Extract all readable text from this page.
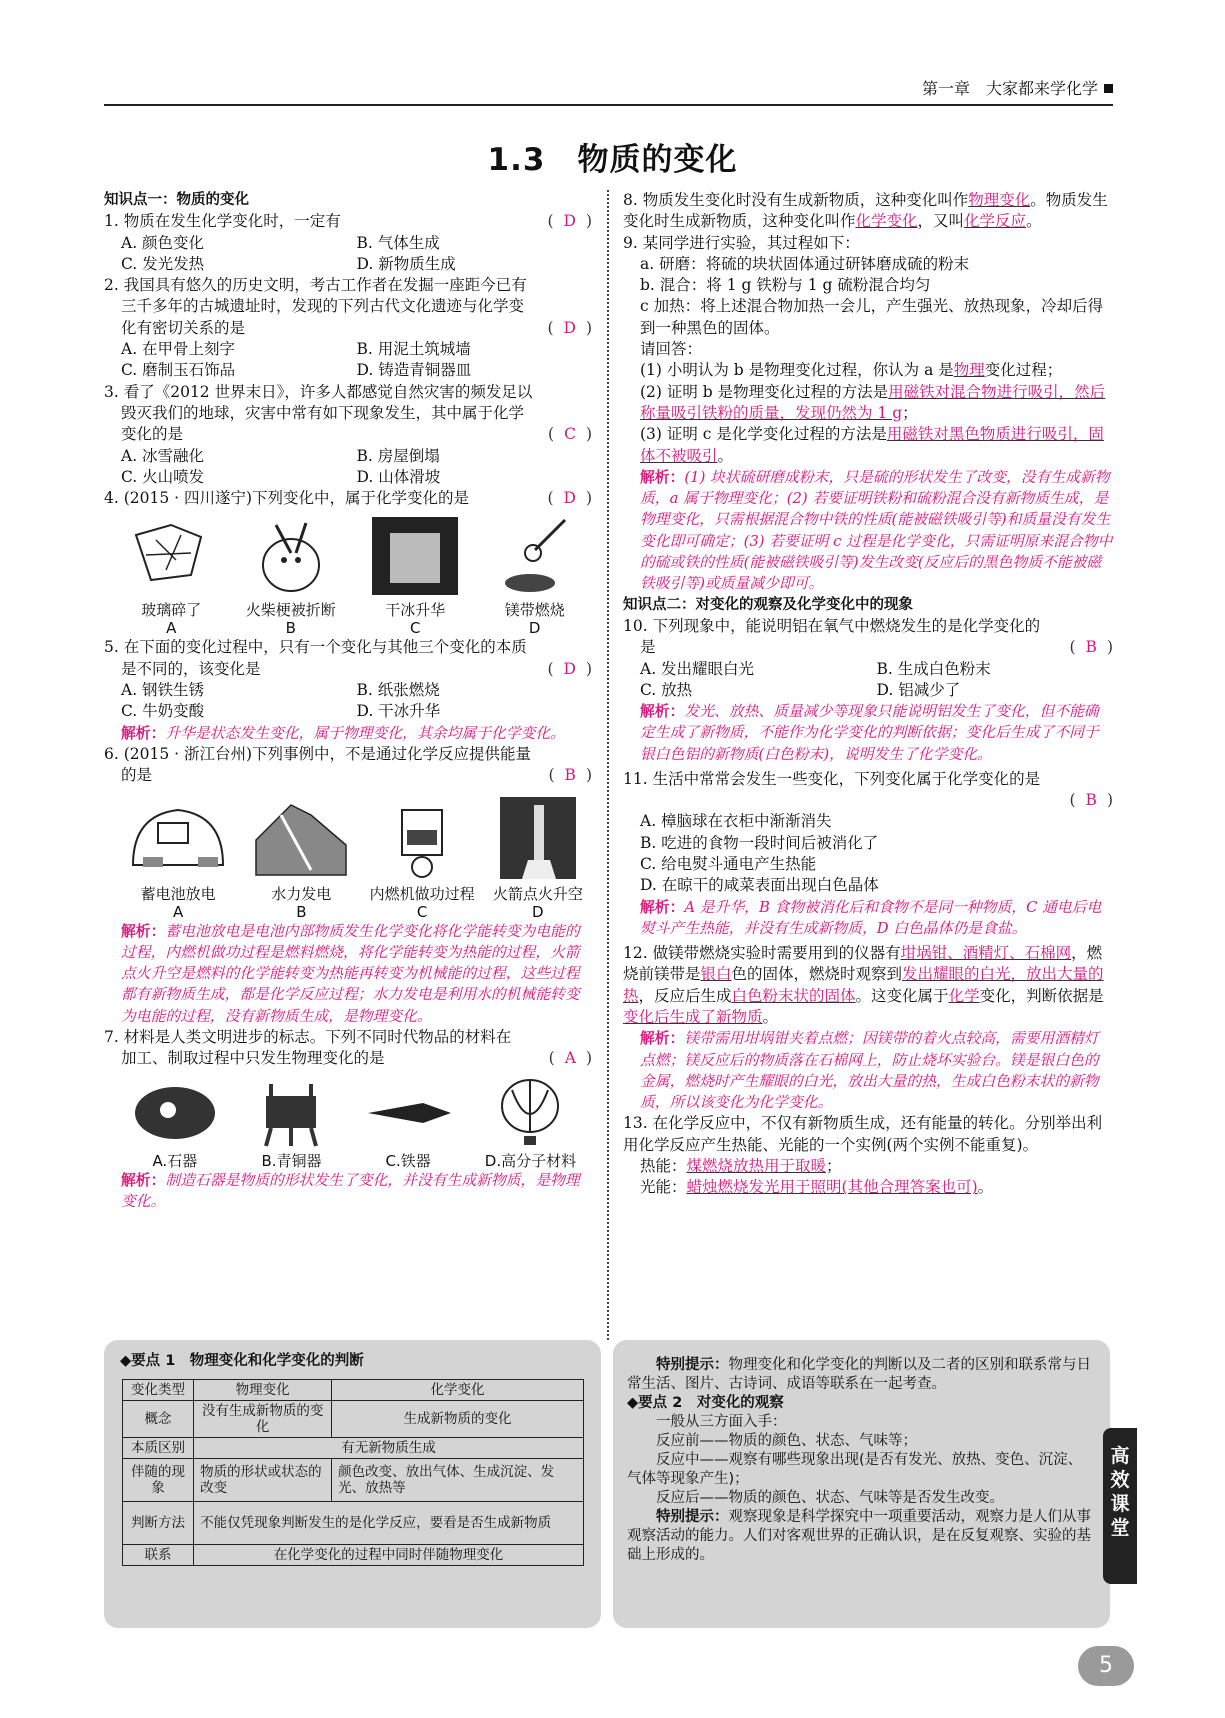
第一章　大家都来学化学
1.3　物质的变化

知识点一：物质的变化

( D )
1. 物质在发生化学变化时，一定有

A. 颜色变化	B. 气体生成
C. 发光发热	D. 新物质生成

2. 我国具有悠久的历史文明，考古工作者在发掘一座距今已有

三千多年的古城遗址时，发现的下列古代文化遗迹与化学变

( D )
化有密切关系的是

A. 在甲骨上刻字	B. 用泥土筑城墙
C. 磨制玉石饰品	D. 铸造青铜器皿

3. 看了《2012 世界末日》，许多人都感觉自然灾害的频发足以

毁灭我们的地球，灾害中常有如下现象发生，其中属于化学

( C )
变化的是

A. 冰雪融化	B. 房屋倒塌
C. 火山喷发	D. 山体滑坡

( D )
4. (2015 · 四川遂宁)下列变化中，属于化学变化的是

玻璃碎了
A
火柴梗被折断
B
干冰升华
C
镁带燃烧
D

5. 在下面的变化过程中，只有一个变化与其他三个变化的本质

( D )
是不同的，该变化是

A. 钢铁生锈	B. 纸张燃烧
C. 牛奶变酸	D. 干冰升华

解析：升华是状态发生变化，属于物理变化，其余均属于化学变化。

6. (2015 · 浙江台州)下列事例中，不是通过化学反应提供能量

( B )
的是

蓄电池放电
A
水力发电
B
内燃机做功过程
C
火箭点火升空
D

解析：蓄电池放电是电池内部物质发生化学变化将化学能转变为电能的过程，内燃机做功过程是燃料燃烧，将化学能转变为热能的过程，火箭点火升空是燃料的化学能转变为热能再转变为机械能的过程，这些过程都有新物质生成，都是化学反应过程；水力发电是利用水的机械能转变为电能的过程，没有新物质生成，是物理变化。

7. 材料是人类文明进步的标志。下列不同时代物品的材料在

( A )
加工、制取过程中只发生物理变化的是

A.石器	B.青铜器	C.铁器	D.高分子材料

解析：制造石器是物质的形状发生了变化，并没有生成新物质，是物理变化。

8. 物质发生变化时没有生成新物质，这种变化叫作物理变化。物质发生变化时生成新物质，这种变化叫作化学变化，又叫化学反应。

9. 某同学进行实验，其过程如下：

a. 研磨：将硫的块状固体通过研钵磨成硫的粉末

b. 混合：将 1 g 铁粉与 1 g 硫粉混合均匀

c 加热：将上述混合物加热一会儿，产生强光、放热现象，冷却后得到一种黑色的固体。

请回答：

(1) 小明认为 b 是物理变化过程，你认为 a 是物理变化过程；

(2) 证明 b 是物理变化过程的方法是用磁铁对混合物进行吸引，然后称量吸引铁粉的质量，发现仍然为 1 g；

(3) 证明 c 是化学变化过程的方法是用磁铁对黑色物质进行吸引，固体不被吸引。

解析：(1) 块状硫研磨成粉末，只是硫的形状发生了改变，没有生成新物质，a 属于物理变化；(2) 若要证明铁粉和硫粉混合没有新物质生成，是物理变化，只需根据混合物中铁的性质(能被磁铁吸引等)和质量没有发生变化即可确定；(3) 若要证明 c 过程是化学变化，只需证明原来混合物中的硫或铁的性质(能被磁铁吸引等)发生改变(反应后的黑色物质不能被磁铁吸引等)或质量减少即可。

知识点二：对变化的观察及化学变化中的现象

10. 下列现象中，能说明铝在氧气中燃烧发生的是化学变化的

( B )
是

A. 发出耀眼白光	B. 生成白色粉末
C. 放热	D. 铝减少了

解析：发光、放热、质量减少等现象只能说明铝发生了变化，但不能确定生成了新物质，不能作为化学变化的判断依据；变化后生成了不同于银白色铝的新物质(白色粉末)，说明发生了化学变化。

11. 生活中常常会发生一些变化，下列变化属于化学变化的是

( B )

A. 樟脑球在衣柜中渐渐消失

B. 吃进的食物一段时间后被消化了

C. 给电熨斗通电产生热能

D. 在晾干的咸菜表面出现白色晶体

解析：A 是升华，B 食物被消化后和食物不是同一种物质，C 通电后电熨斗产生热能，并没有生成新物质，D 白色晶体仍是食盐。

12. 做镁带燃烧实验时需要用到的仪器有坩埚钳、酒精灯、石棉网，燃烧前镁带是银白色的固体，燃烧时观察到发出耀眼的白光，放出大量的热，反应后生成白色粉末状的固体。这变化属于化学变化，判断依据是变化后生成了新物质。

解析：镁带需用坩埚钳夹着点燃；因镁带的着火点较高，需要用酒精灯点燃；镁反应后的物质落在石棉网上，防止烧坏实验台。镁是银白色的金属，燃烧时产生耀眼的白光，放出大量的热，生成白色粉末状的新物质，所以该变化为化学变化。

13. 在化学反应中，不仅有新物质生成，还有能量的转化。分别举出利用化学反应产生热能、光能的一个实例(两个实例不能重复)。

热能：煤燃烧放热用于取暖；

光能：蜡烛燃烧发光用于照明(其他合理答案也可)。

◆要点 1　物理变化和化学变化的判断

变化类型	物理变化	化学变化
概念	没有生成新物质的变化	生成新物质的变化
本质区别	有无新物质生成	
伴随的现象	物质的形状或状态的改变	颜色改变、放出气体、生成沉淀、发光、放热等
判断方法	不能仅凭现象判断发生的是化学反应，要看是否生成新物质	
联系	在化学变化的过程中同时伴随物理变化	

特别提示：物理变化和化学变化的判断以及二者的区别和联系常与日常生活、图片、古诗词、成语等联系在一起考查。

◆要点 2　对变化的观察

一般从三方面入手：

反应前——物质的颜色、状态、气味等；

反应中——观察有哪些现象出现(是否有发光、放热、变色、沉淀、气体等现象产生)；

反应后——物质的颜色、状态、气味等是否发生改变。

特别提示：观察现象是科学探究中一项重要活动，观察力是人们从事观察活动的能力。人们对客观世界的正确认识，是在反复观察、实验的基础上形成的。

高效课堂
5
